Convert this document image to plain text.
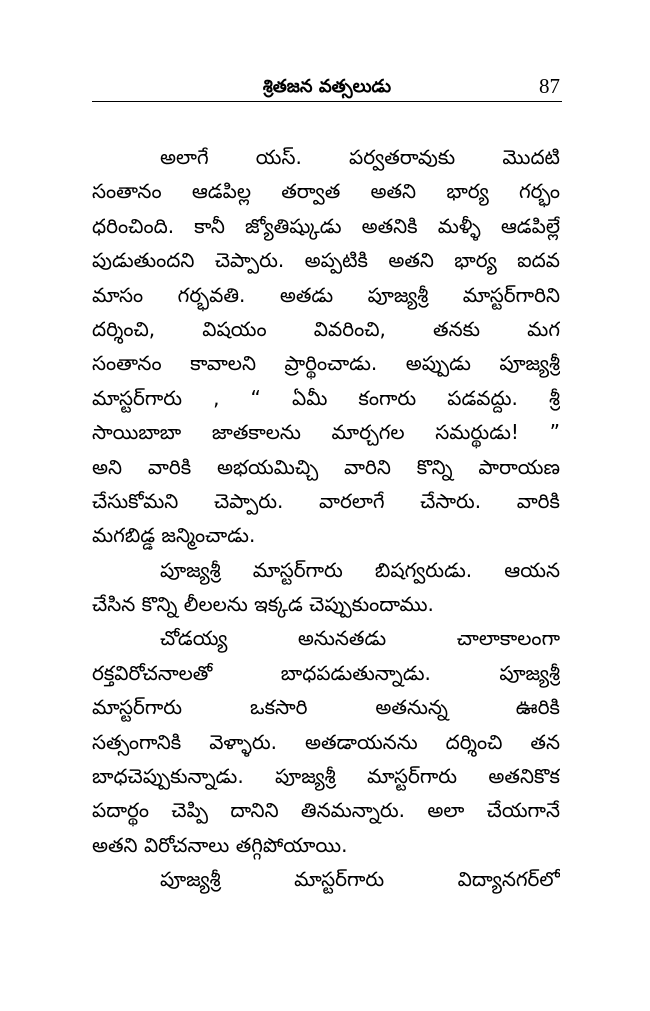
శ్రితజన వత్సలుడు	87
అలాగే యస్. పర్వతరావుకు మొదటి
సంతానం ఆడపిల్ల తర్వాత అతని భార్య గర్భం
ధరించింది. కానీ జ్యోతిష్కుడు అతనికి మళ్ళీ ఆడపిల్లే
పుడుతుందని చెప్పారు. అప్పటికి అతని భార్య ఐదవ
మాసం గర్భవతి. అతడు పూజ్యశ్రీ మాస్టర్‌గారిని
దర్శించి, విషయం వివరించి, తనకు మగ
సంతానం కావాలని ప్రార్థించాడు. అప్పుడు పూజ్యశ్రీ
మాస్టర్‌గారు , “ ఏమీ కంగారు పడవద్దు. శ్రీ
సాయిబాబా జాతకాలను మార్చగల సమర్థుడు! ”
అని వారికి అభయమిచ్చి వారిని కొన్ని పారాయణ
చేసుకోమని చెప్పారు. వారలాగే చేసారు. వారికి
మగబిడ్డ జన్మించాడు.
పూజ్యశ్రీ మాస్టర్‌గారు బిషగ్వరుడు. ఆయన
చేసిన కొన్ని లీలలను ఇక్కడ చెప్పుకుందాము.
చోడయ్య అనునతడు చాలాకాలంగా
రక్తవిరోచనాలతో బాధపడుతున్నాడు. పూజ్యశ్రీ
మాస్టర్‌గారు ఒకసారి అతనున్న ఊరికి
సత్సంగానికి వెళ్ళారు. అతడాయనను దర్శించి తన
బాధచెప్పుకున్నాడు. పూజ్యశ్రీ మాస్టర్‌గారు అతనికొక
పదార్థం చెప్పి దానిని తినమన్నారు. అలా చేయగానే
అతని విరోచనాలు తగ్గిపోయాయి.
పూజ్యశ్రీ మాస్టర్‌గారు విద్యానగర్‌లో
